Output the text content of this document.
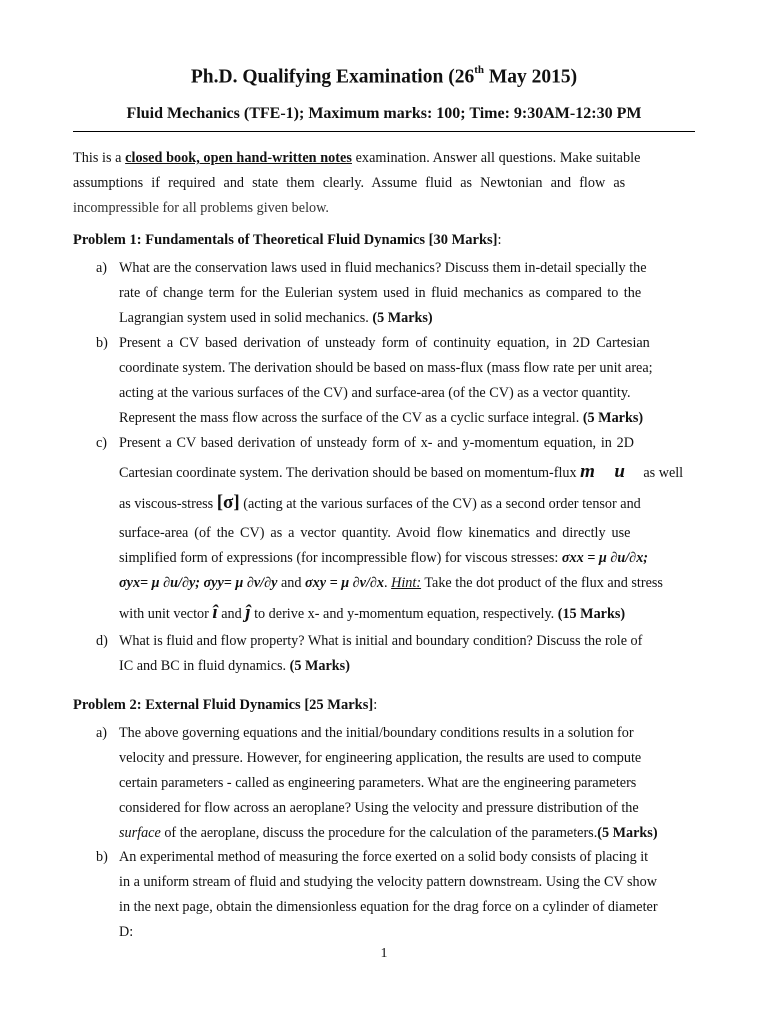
Ph.D. Qualifying Examination (26th May 2015)
Fluid Mechanics (TFE-1); Maximum marks: 100; Time: 9:30AM-12:30 PM
This is a closed book, open hand-written notes examination. Answer all questions. Make suitable
assumptions if required and state them clearly. Assume fluid as Newtonian and flow as
incompressible for all problems given below.
Problem 1: Fundamentals of Theoretical Fluid Dynamics [30 Marks]:
a) What are the conservation laws used in fluid mechanics? Discuss them in-detail specially the
rate of change term for the Eulerian system used in fluid mechanics as compared to the
Lagrangian system used in solid mechanics. (5 Marks)
b) Present a CV based derivation of unsteady form of continuity equation, in 2D Cartesian
coordinate system. The derivation should be based on mass-flux (mass flow rate per unit area;
acting at the various surfaces of the CV) and surface-area (of the CV) as a vector quantity.
Represent the mass flow across the surface of the CV as a cyclic surface integral. (5 Marks)
c) Present a CV based derivation of unsteady form of x- and y-momentum equation, in 2D
Cartesian coordinate system. The derivation should be based on momentum-flux m⃗ u⃗ as well
as viscous-stress [σ] (acting at the various surfaces of the CV) as a second order tensor and
surface-area (of the CV) as a vector quantity. Avoid flow kinematics and directly use
simplified form of expressions (for incompressible flow) for viscous stresses: σxx = μ ∂u/∂x;
σyx= μ ∂u/∂y; σyy= μ ∂v/∂y and σxy = μ ∂v/∂x. Hint: Take the dot product of the flux and stress
with unit vector î and ĵ to derive x- and y-momentum equation, respectively. (15 Marks)
d) What is fluid and flow property? What is initial and boundary condition? Discuss the role of
IC and BC in fluid dynamics. (5 Marks)
Problem 2: External Fluid Dynamics [25 Marks]:
a) The above governing equations and the initial/boundary conditions results in a solution for
velocity and pressure. However, for engineering application, the results are used to compute
certain parameters - called as engineering parameters. What are the engineering parameters
considered for flow across an aeroplane? Using the velocity and pressure distribution of the
surface of the aeroplane, discuss the procedure for the calculation of the parameters.(5 Marks)
b) An experimental method of measuring the force exerted on a solid body consists of placing it
in a uniform stream of fluid and studying the velocity pattern downstream. Using the CV show
in the next page, obtain the dimensionless equation for the drag force on a cylinder of diameter
D:
1
